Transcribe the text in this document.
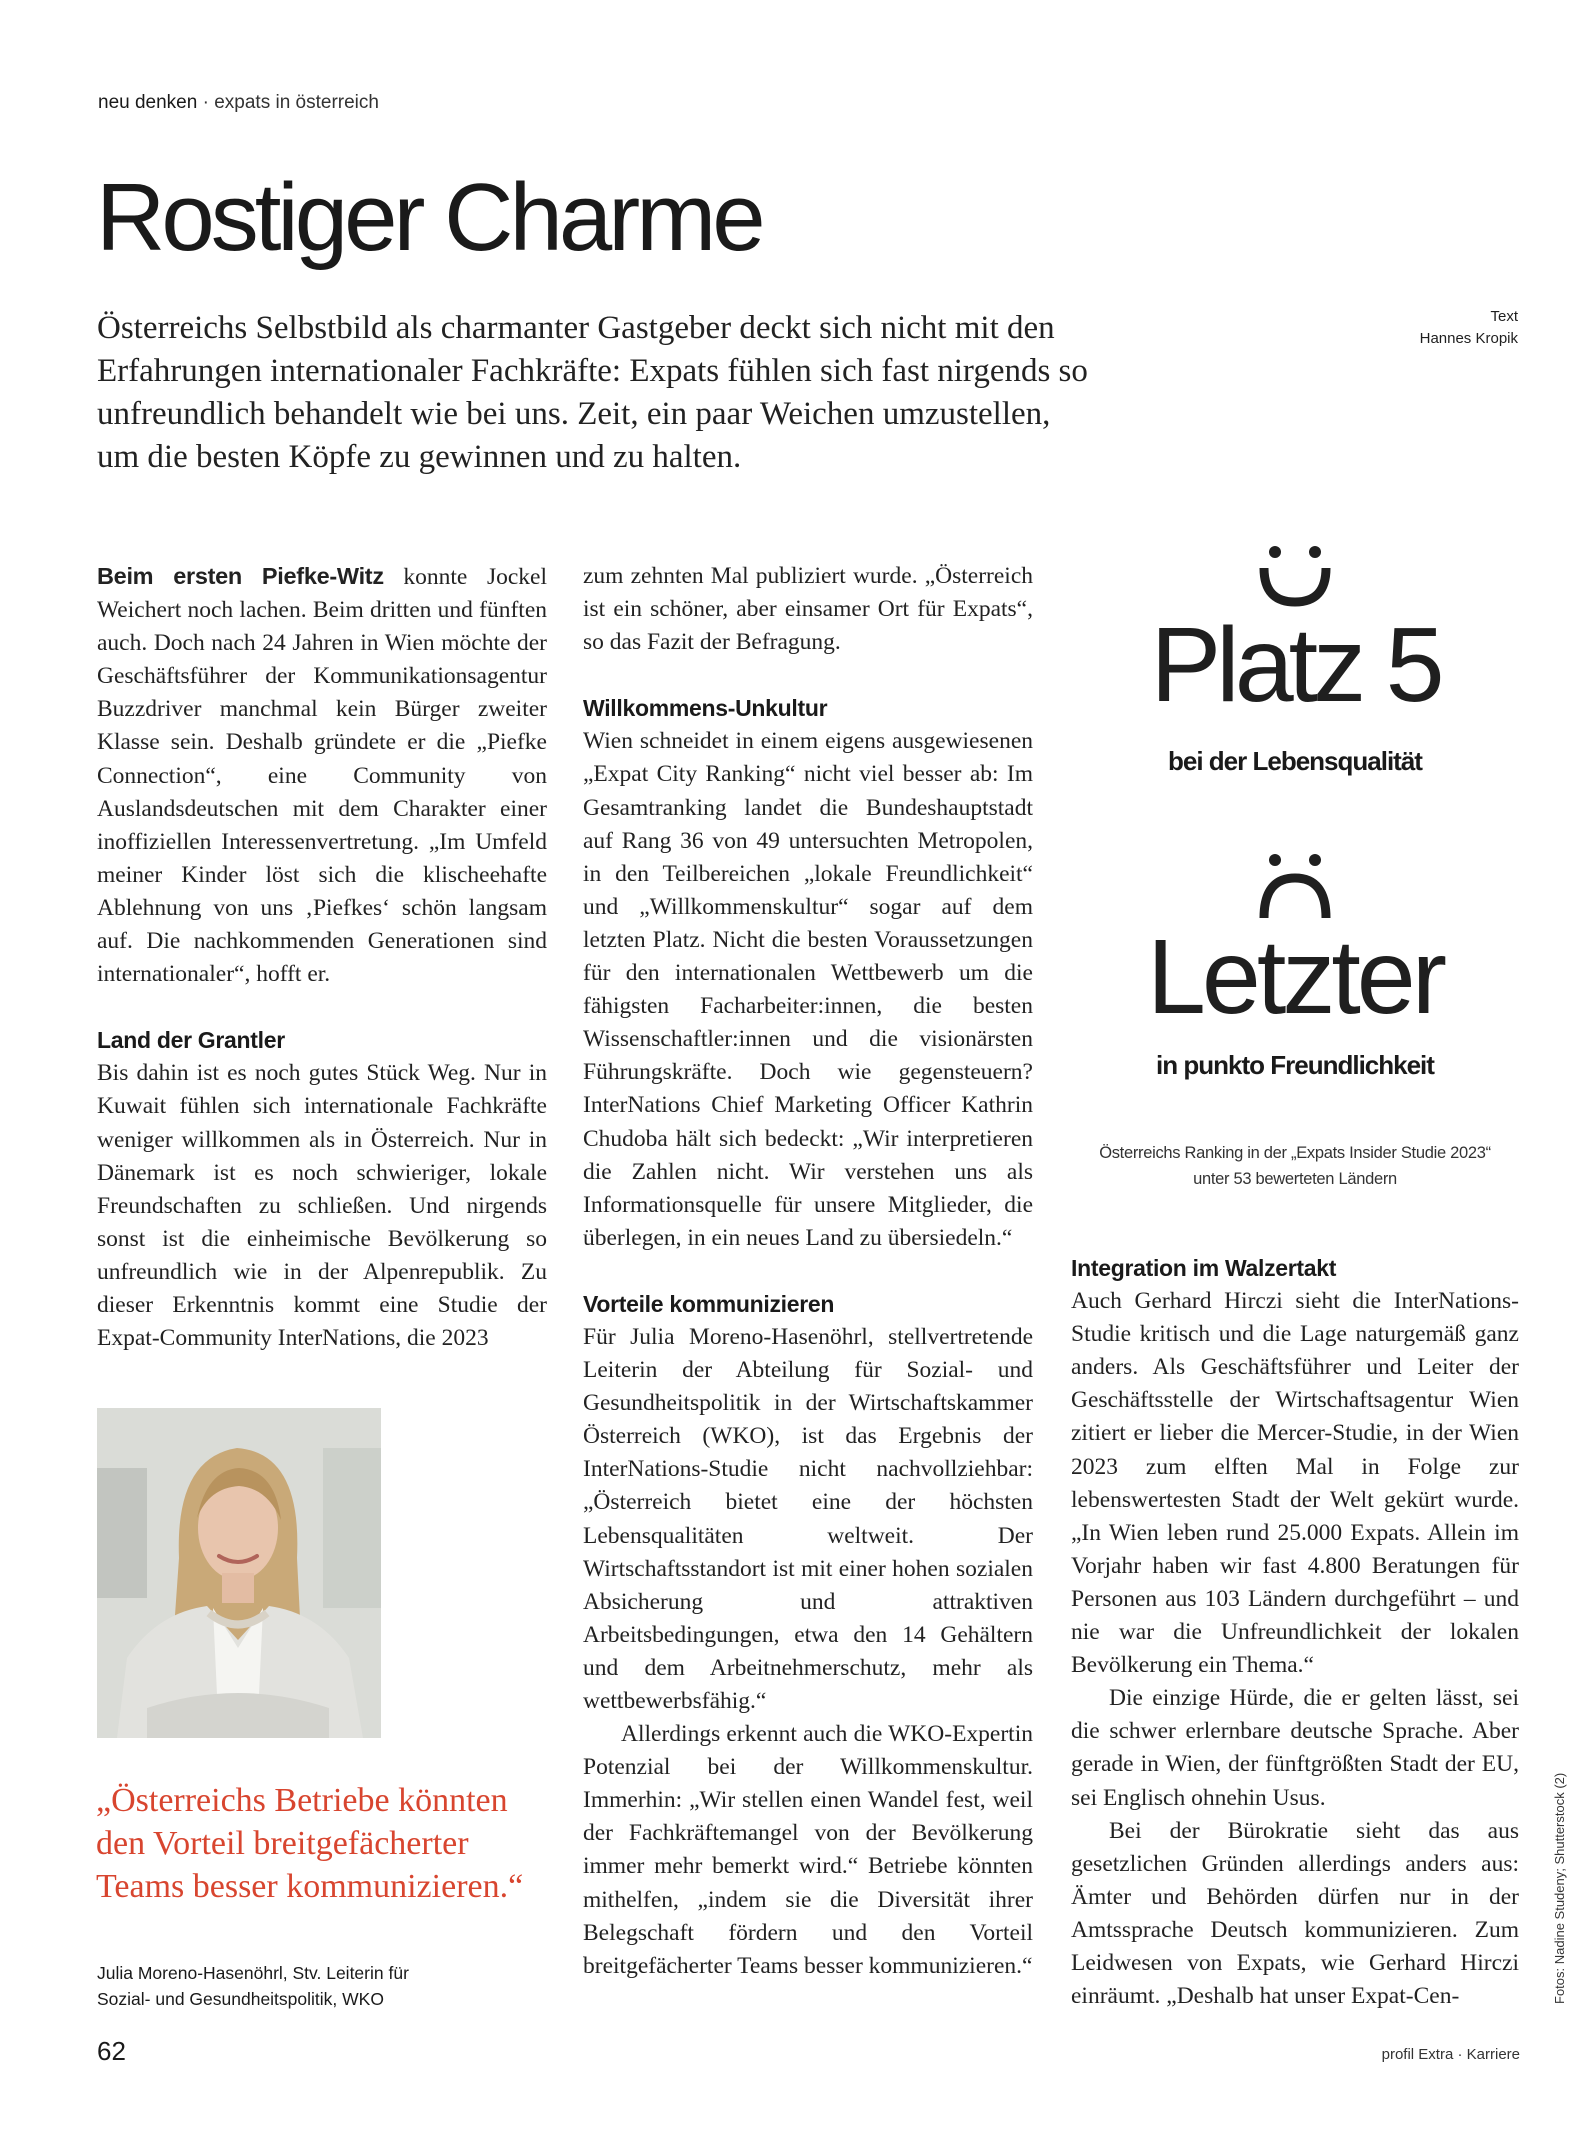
neu denken · expats in österreich
Rostiger Charme

Österreichs Selbstbild als charmanter Gastgeber deckt sich nicht mit den Erfahrungen internationaler Fachkräfte: Expats fühlen sich fast nirgends so unfreundlich behandelt wie bei uns. Zeit, ein paar Weichen umzustellen, um die besten Köpfe zu gewinnen und zu halten.

Text
Hannes Kropik

Beim ersten Piefke-Witz konnte Jockel Weichert noch lachen. Beim dritten und fünften auch. Doch nach 24 Jahren in Wien möchte der Geschäftsführer der Kommunikationsagentur Buzzdriver manchmal kein Bürger zweiter Klasse sein. Deshalb gründete er die „Piefke Connection“, eine Community von Auslandsdeutschen mit dem Charakter einer inoffiziellen Interessenvertretung. „Im Umfeld meiner Kinder löst sich die klischeehafte Ablehnung von uns ‚Piefkes‘ schön langsam auf. Die nachkommenden Generationen sind internationaler“, hofft er.

Land der Grantler

Bis dahin ist es noch gutes Stück Weg. Nur in Kuwait fühlen sich internationale Fachkräfte weniger willkommen als in Österreich. Nur in Dänemark ist es noch schwieriger, lokale Freundschaften zu schließen. Und nirgends sonst ist die einheimische Bevölkerung so unfreundlich wie in der Alpenrepublik. Zu dieser Erkenntnis kommt eine Studie der Expat-Community InterNations, die 2023

„Österreichs Betriebe könnten den Vorteil breitgefächerter Teams besser kommunizieren.“
Julia Moreno-Hasenöhrl, Stv. Leiterin für
Sozial- und Gesundheitspolitik, WKO

zum zehnten Mal publiziert wurde. „Österreich ist ein schöner, aber einsamer Ort für Expats“, so das Fazit der Befragung.

Willkommens-Unkultur

Wien schneidet in einem eigens ausgewiesenen „Expat City Ranking“ nicht viel besser ab: Im Gesamtranking landet die Bundeshauptstadt auf Rang 36 von 49 untersuchten Metropolen, in den Teilbereichen „lokale Freundlichkeit“ und „Willkommenskultur“ sogar auf dem letzten Platz. Nicht die besten Voraussetzungen für den internationalen Wettbewerb um die fähigsten Facharbeiter:innen, die besten Wissenschaftler:innen und die visionärsten Führungskräfte. Doch wie gegensteuern? InterNations Chief Marketing Officer Kathrin Chudoba hält sich bedeckt: „Wir interpretieren die Zahlen nicht. Wir verstehen uns als Informationsquelle für unsere Mitglieder, die überlegen, in ein neues Land zu übersiedeln.“

Vorteile kommunizieren

Für Julia Moreno-Hasenöhrl, stellvertretende Leiterin der Abteilung für Sozial- und Gesundheitspolitik in der Wirtschaftskammer Österreich (WKO), ist das Ergebnis der InterNations-Studie nicht nachvollziehbar: „Österreich bietet eine der höchsten Lebensqualitäten weltweit. Der Wirtschaftsstandort ist mit einer hohen sozialen Absicherung und attraktiven Arbeitsbedingungen, etwa den 14 Gehältern und dem Arbeitnehmerschutz, mehr als wettbewerbsfähig.“

Allerdings erkennt auch die WKO-Expertin Potenzial bei der Willkommenskultur. Immerhin: „Wir stellen einen Wandel fest, weil der Fachkräftemangel von der Bevölkerung immer mehr bemerkt wird.“ Betriebe könnten mithelfen, „indem sie die Diversität ihrer Belegschaft fördern und den Vorteil breitgefächerter Teams besser kommunizieren.“

Platz 5
bei der Lebensqualität
Letzter
in punkto Freundlichkeit
Österreichs Ranking in der „Expats Insider Studie 2023“
unter 53 bewerteten Ländern
Integration im Walzertakt

Auch Gerhard Hirczi sieht die InterNations-Studie kritisch und die Lage naturgemäß ganz anders. Als Geschäftsführer und Leiter der Geschäftsstelle der Wirtschaftsagentur Wien zitiert er lieber die Mercer-Studie, in der Wien 2023 zum elften Mal in Folge zur lebenswertesten Stadt der Welt gekürt wurde. „In Wien leben rund 25.000 Expats. Allein im Vorjahr haben wir fast 4.800 Beratungen für Personen aus 103 Ländern durchgeführt – und nie war die Unfreundlichkeit der lokalen Bevölkerung ein Thema.“

Die einzige Hürde, die er gelten lässt, sei die schwer erlernbare deutsche Sprache. Aber gerade in Wien, der fünftgrößten Stadt der EU, sei Englisch ohnehin Usus.

Bei der Bürokratie sieht das aus gesetzlichen Gründen allerdings anders aus: Ämter und Behörden dürfen nur in der Amtssprache Deutsch kommunizieren. Zum Leidwesen von Expats, wie Gerhard Hirczi einräumt. „Deshalb hat unser Expat-Cen-	Fotos: Nadine Studeny; Shutterstock (2)
62	profil Extra · Karriere
